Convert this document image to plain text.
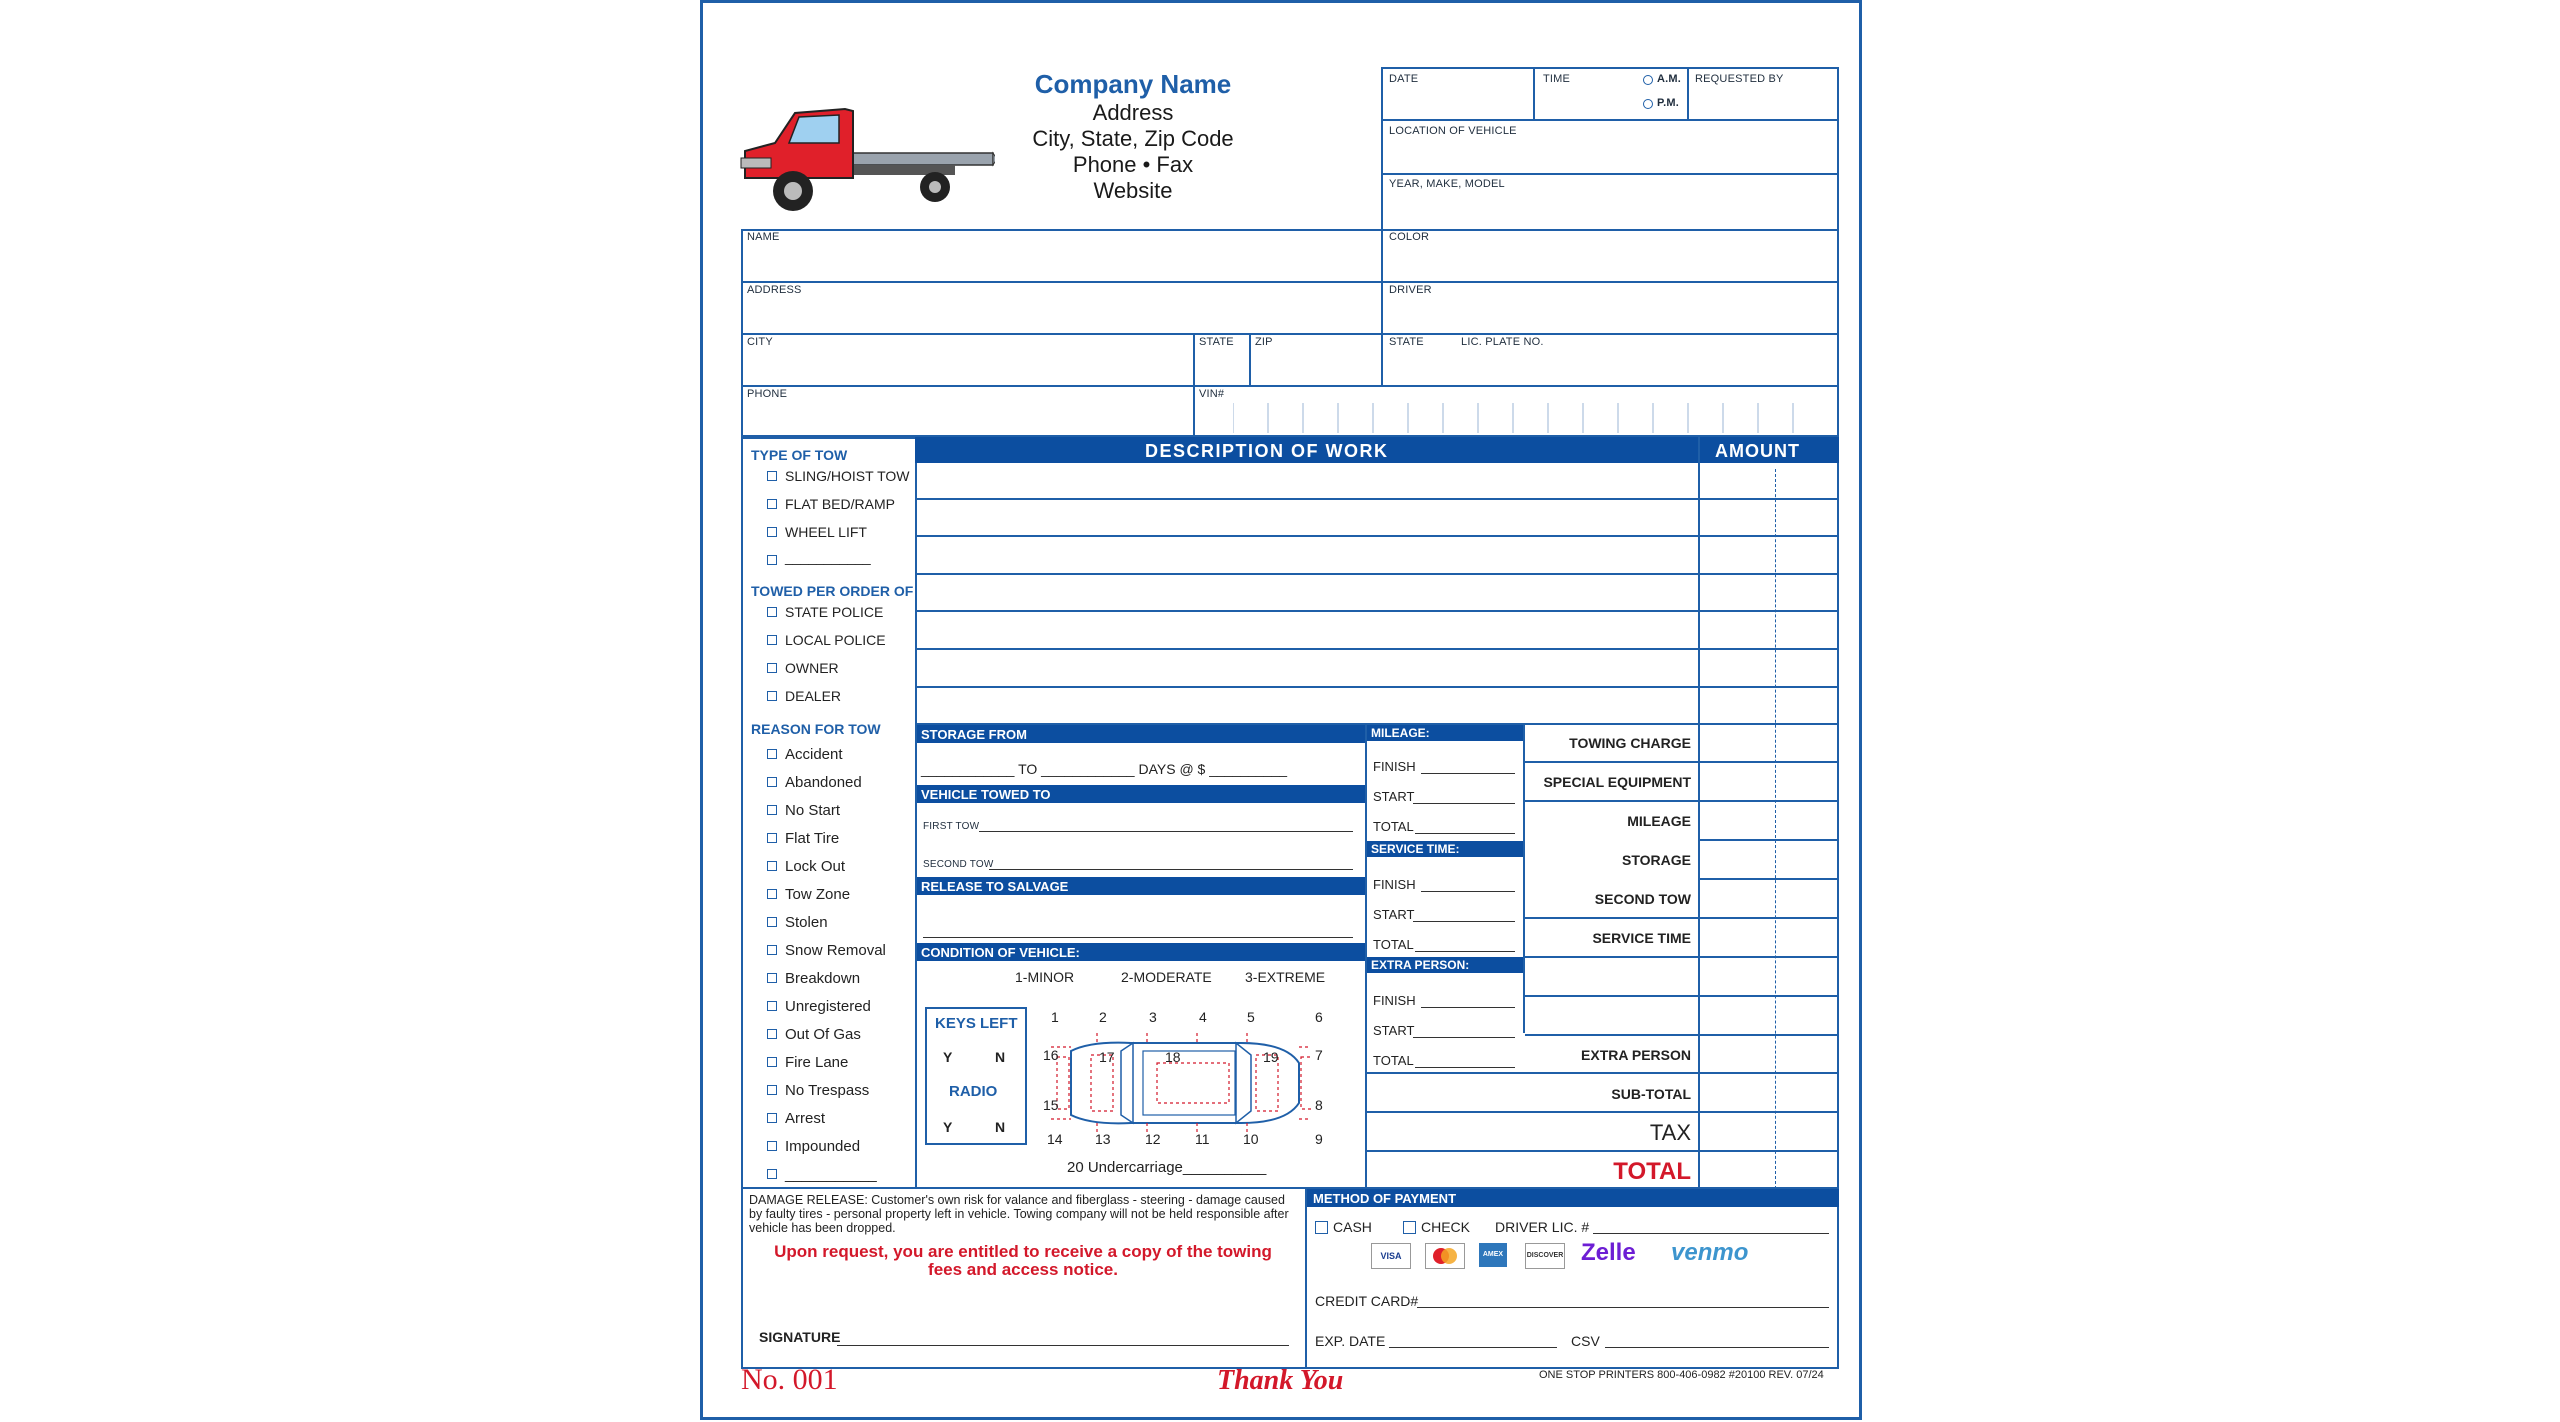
Company Name
Address
City, State, Zip Code
Phone • Fax
Website
DATE	TIME	A.M.
P.M.
REQUESTED BY
LOCATION OF VEHICLE
YEAR, MAKE, MODEL
NAME
ADDRESS
CITY	STATE ZIP
PHONE	VIN#
COLOR
DRIVER
STATE	LIC. PLATE NO.
DESCRIPTION OF WORK	AMOUNT
TYPE OF TOW
SLING/HOIST TOW
FLAT BED/RAMP
WHEEL LIFT
___________
TOWED PER ORDER OF
STATE POLICE
LOCAL POLICE
OWNER
DEALER
REASON FOR TOW
Accident
Abandoned
No Start
Flat Tire
Lock Out
Tow Zone
Stolen
Snow Removal
Breakdown
Unregistered
Out Of Gas
Fire Lane
No Trespass
Arrest
Impounded
___________
STORAGE FROM
____________ TO ____________ DAYS @ $ __________
VEHICLE TOWED TO
FIRST TOW
SECOND TOW
RELEASE TO SALVAGE
CONDITION OF VEHICLE:
1-MINOR	2-MODERATE 3-EXTREME
KEYS LEFT
Y	N
RADIO
Y	N
1	2	3	4	5	6
14 13 12 11 10	9
16
15
7
8
17	18	19
20 Undercarriage__________
MILEAGE:
FINISH
START
TOTAL
SERVICE TIME:
FINISH
START
TOTAL
EXTRA PERSON:
FINISH
START
TOTAL
TOWING CHARGE
SPECIAL EQUIPMENT
MILEAGE
STORAGE
SECOND TOW
SERVICE TIME
EXTRA PERSON
SUB-TOTAL
TAX
TOTAL
DAMAGE RELEASE: Customer's own risk for valance and fiberglass - steering - damage caused by faulty tires - personal property left in vehicle. Towing company will not be held responsible after vehicle has been dropped.
Upon request, you are entitled to receive a copy of the towing fees and access notice.
SIGNATURE
METHOD OF PAYMENT
CASH	CHECK DRIVER LIC. #
VISA	AMEX	DISCOVER Zelle venmo
CREDIT CARD#
EXP. DATE	CSV
No. 001	Thank You	ONE STOP PRINTERS 800-406-0982 #20100 REV. 07/24
